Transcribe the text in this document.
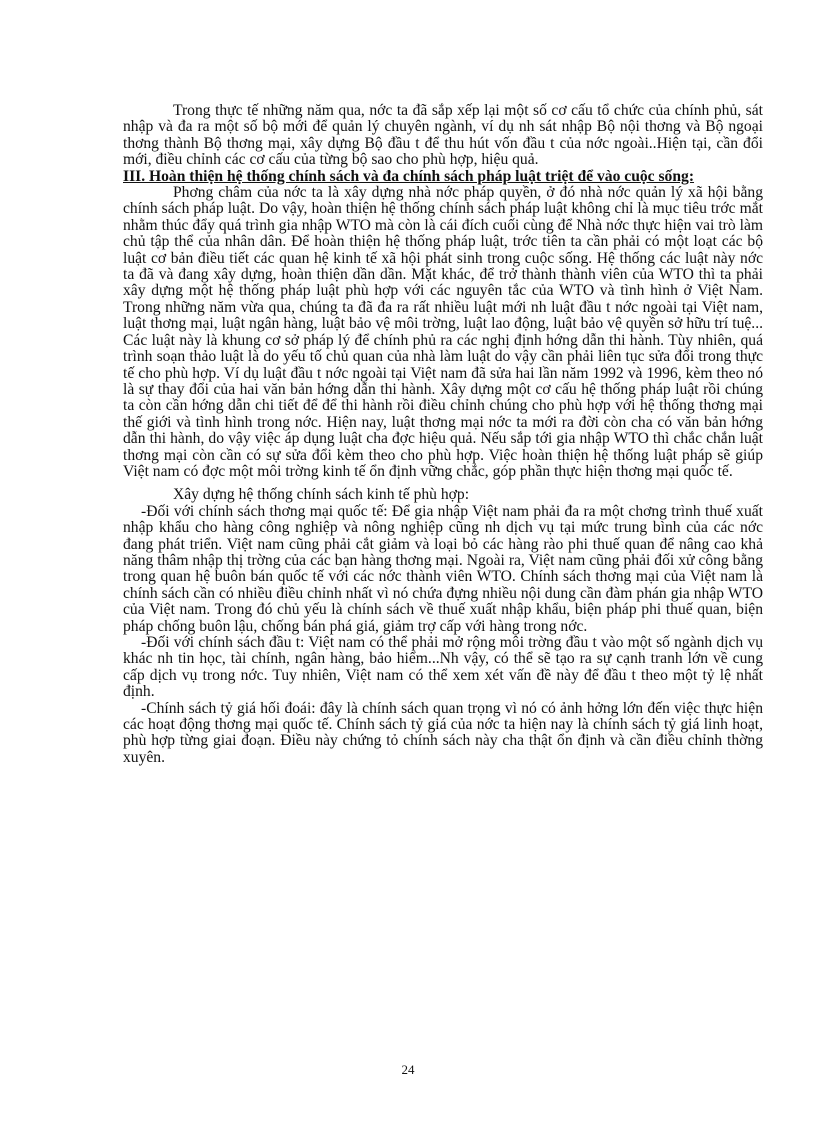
Trong thực tế những năm qua, nớc ta đã sắp xếp lại một số cơ cấu tổ chức của chính phủ, sát nhập và đa ra một số bộ mới để quản lý chuyên ngành, ví dụ nh sát nhập Bộ nội thơng và Bộ ngoại thơng thành Bộ thơng mại, xây dựng Bộ đầu t để thu hút vốn đầu t của nớc ngoài..Hiện tại, cần đổi mới, điều chỉnh các cơ cấu của từng bộ sao cho phù hợp, hiệu quả.

III. Hoàn thiện hệ thống chính sách và đa chính sách pháp luật triệt để vào cuộc sống:

Phơng châm của nớc ta là xây dựng nhà nớc pháp quyền, ở đó nhà nớc quản lý xã hội bằng chính sách pháp luật. Do vậy, hoàn thiện hệ thống chính sách pháp luật không chỉ là mục tiêu trớc mắt nhằm thúc đẩy quá trình gia nhập WTO mà còn là cái đích cuối cùng để Nhà nớc thực hiện vai trò làm chủ tập thể của nhân dân. Để hoàn thiện hệ thống pháp luật, trớc tiên ta cần phải có một loạt các bộ luật cơ bản điều tiết các quan hệ kinh tế xã hội phát sinh trong cuộc sống. Hệ thống các luật này nớc ta đã và đang xây dựng, hoàn thiện dần dần. Mặt khác, để trở thành thành viên của WTO thì ta phải xây dựng một hệ thống pháp luật phù hợp với các nguyên tắc của WTO và tình hình ở Việt Nam. Trong những năm vừa qua, chúng ta đã đa ra rất nhiều luật mới nh luật đầu t nớc ngoài tại Việt nam, luật thơng mại, luật ngân hàng, luật bảo vệ môi trờng, luật lao động, luật bảo vệ quyền sở hữu trí tuệ... Các luật này là khung cơ sở pháp lý để chính phủ ra các nghị định hớng dẫn thi hành. Tùy nhiên, quá trình soạn thảo luật là do yếu tố chủ quan của nhà làm luật do vậy cần phải liên tục sửa đổi trong thực tế cho phù hợp. Ví dụ luật đầu t nớc ngoài tại Việt nam đã sửa hai lần năm 1992 và 1996, kèm theo nó là sự thay đổi của hai văn bản hớng dẫn thi hành. Xây dựng một cơ cấu hệ thống pháp luật rồi chúng ta còn cần hớng dẫn chi tiết để để thi hành rồi điều chỉnh chúng cho phù hợp với hệ thống thơng mại thế giới và tình hình trong nớc. Hiện nay, luật thơng mại nớc ta mới ra đời còn cha có văn bản hớng dẫn thi hành, do vậy việc áp dụng luật cha đợc hiệu quả. Nếu sắp tới gia nhập WTO thì chắc chắn luật thơng mại còn cần có sự sửa đổi kèm theo cho phù hợp. Việc hoàn thiện hệ thống luật pháp sẽ giúp Việt nam có đợc một môi trờng kinh tế ổn định vững chắc, góp phần thực hiện thơng mại quốc tế.

Xây dựng hệ thống chính sách kinh tế phù hợp:

-Đối với chính sách thơng mại quốc tế: Để gia nhập Việt nam phải đa ra một chơng trình thuế xuất nhập khẩu cho hàng công nghiệp và nông nghiệp cũng nh dịch vụ tại mức trung bình của các nớc đang phát triển. Việt nam cũng phải cắt giảm và loại bỏ các hàng rào phi thuế quan để nâng cao khả năng thâm nhập thị trờng của các bạn hàng thơng mại. Ngoài ra, Việt nam cũng phải đối xử công bằng trong quan hệ buôn bán quốc tế với các nớc thành viên WTO. Chính sách thơng mại của Việt nam là chính sách cần có nhiều điều chỉnh nhất vì nó chứa đựng nhiều nội dung cần đàm phán gia nhập WTO của Việt nam. Trong đó chủ yếu là chính sách về thuế xuất nhập khẩu, biện pháp phi thuế quan, biện pháp chống buôn lậu, chống bán phá giá, giảm trợ cấp với hàng trong nớc.

-Đối với chính sách đầu t: Việt nam có thể phải mở rộng môi trờng đầu t vào một số ngành dịch vụ khác nh tin học, tài chính, ngân hàng, bảo hiểm...Nh vậy, có thể sẽ tạo ra sự cạnh tranh lớn về cung cấp dịch vụ trong nớc. Tuy nhiên, Việt nam có thể xem xét vấn đề này để đầu t theo một tỷ lệ nhất định.

-Chính sách tỷ giá hối đoái: đây là chính sách quan trọng vì nó có ảnh hởng lớn đến việc thực hiện các hoạt động thơng mại quốc tế. Chính sách tỷ giá của nớc ta hiện nay là chính sách tỷ giá linh hoạt, phù hợp từng giai đoạn. Điều này chứng tỏ chính sách này cha thật ổn định và cần điều chỉnh thờng xuyên.

24
